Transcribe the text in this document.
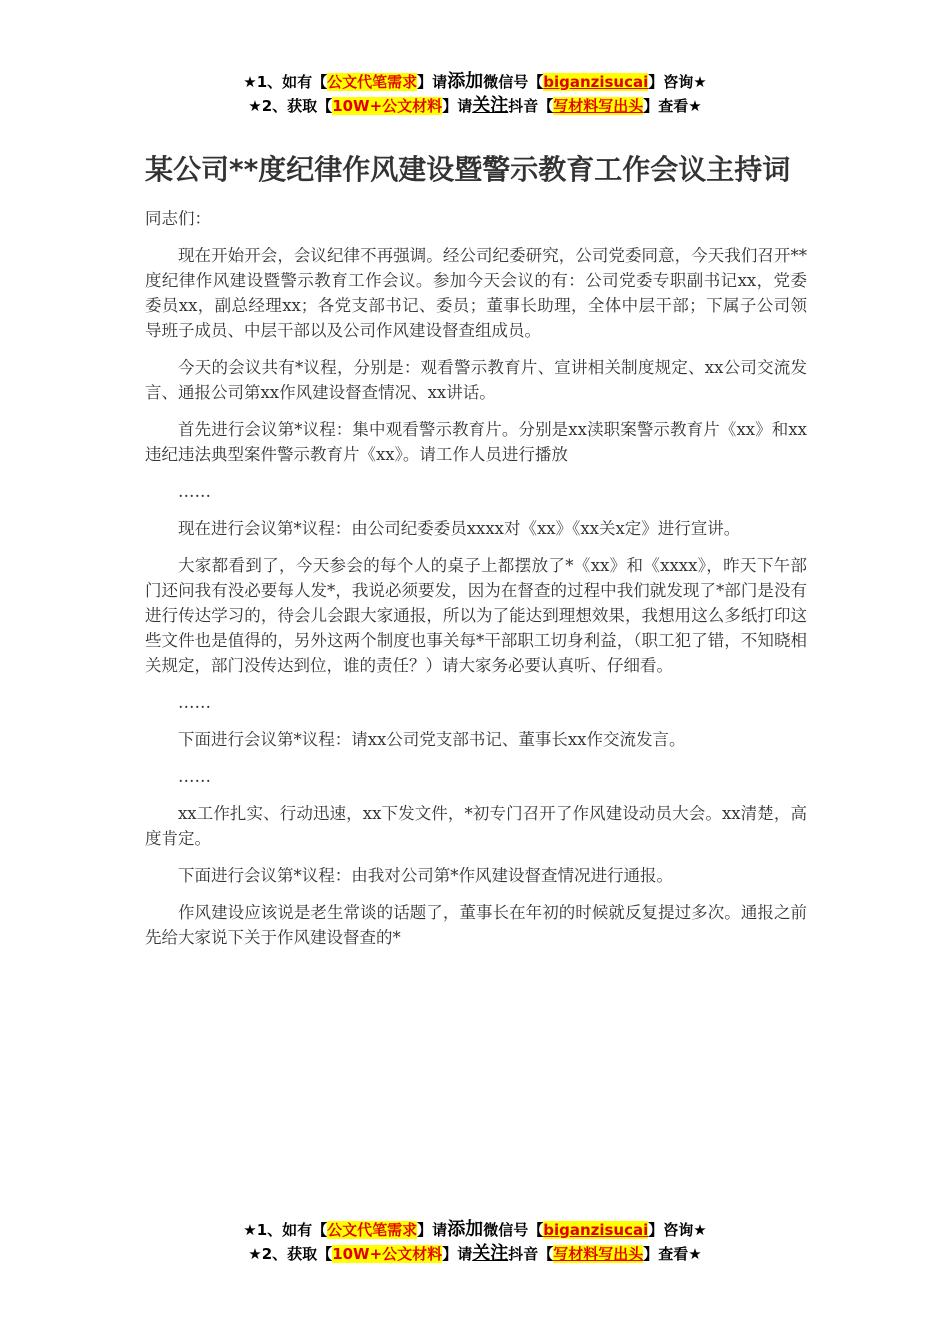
★1、如有【公文代笔需求】请添加微信号【biganzisucai】咨询★
★2、获取【10W+公文材料】请关注抖音【写材料写出头】查看★
某公司**度纪律作风建设暨警示教育工作会议主持词

同志们：

现在开始开会，会议纪律不再强调。经公司纪委研究，公司党委同意，今天我们召开**度纪律作风建设暨警示教育工作会议。参加今天会议的有：公司党委专职副书记xx，党委委员xx，副总经理xx；各党支部书记、委员；董事长助理，全体中层干部；下属子公司领导班子成员、中层干部以及公司作风建设督查组成员。

今天的会议共有*议程，分别是：观看警示教育片、宣讲相关制度规定、xx公司交流发言、通报公司第xx作风建设督查情况、xx讲话。

首先进行会议第*议程：集中观看警示教育片。分别是xx渎职案警示教育片《xx》和xx违纪违法典型案件警示教育片《xx》。请工作人员进行播放

……

现在进行会议第*议程：由公司纪委委员xxxx对《xx》《xx关x定》进行宣讲。

大家都看到了，今天参会的每个人的桌子上都摆放了*《xx》和《xxxx》，昨天下午部门还问我有没必要每人发*，我说必须要发，因为在督查的过程中我们就发现了*部门是没有进行传达学习的，待会儿会跟大家通报，所以为了能达到理想效果，我想用这么多纸打印这些文件也是值得的，另外这两个制度也事关每*干部职工切身利益，（职工犯了错，不知晓相关规定，部门没传达到位，谁的责任？）请大家务必要认真听、仔细看。

……

下面进行会议第*议程：请xx公司党支部书记、董事长xx作交流发言。

……

xx工作扎实、行动迅速，xx下发文件，*初专门召开了作风建设动员大会。xx清楚，高度肯定。

下面进行会议第*议程：由我对公司第*作风建设督查情况进行通报。

作风建设应该说是老生常谈的话题了，董事长在年初的时候就反复提过多次。通报之前先给大家说下关于作风建设督查的*

★1、如有【公文代笔需求】请添加微信号【biganzisucai】咨询★
★2、获取【10W+公文材料】请关注抖音【写材料写出头】查看★
